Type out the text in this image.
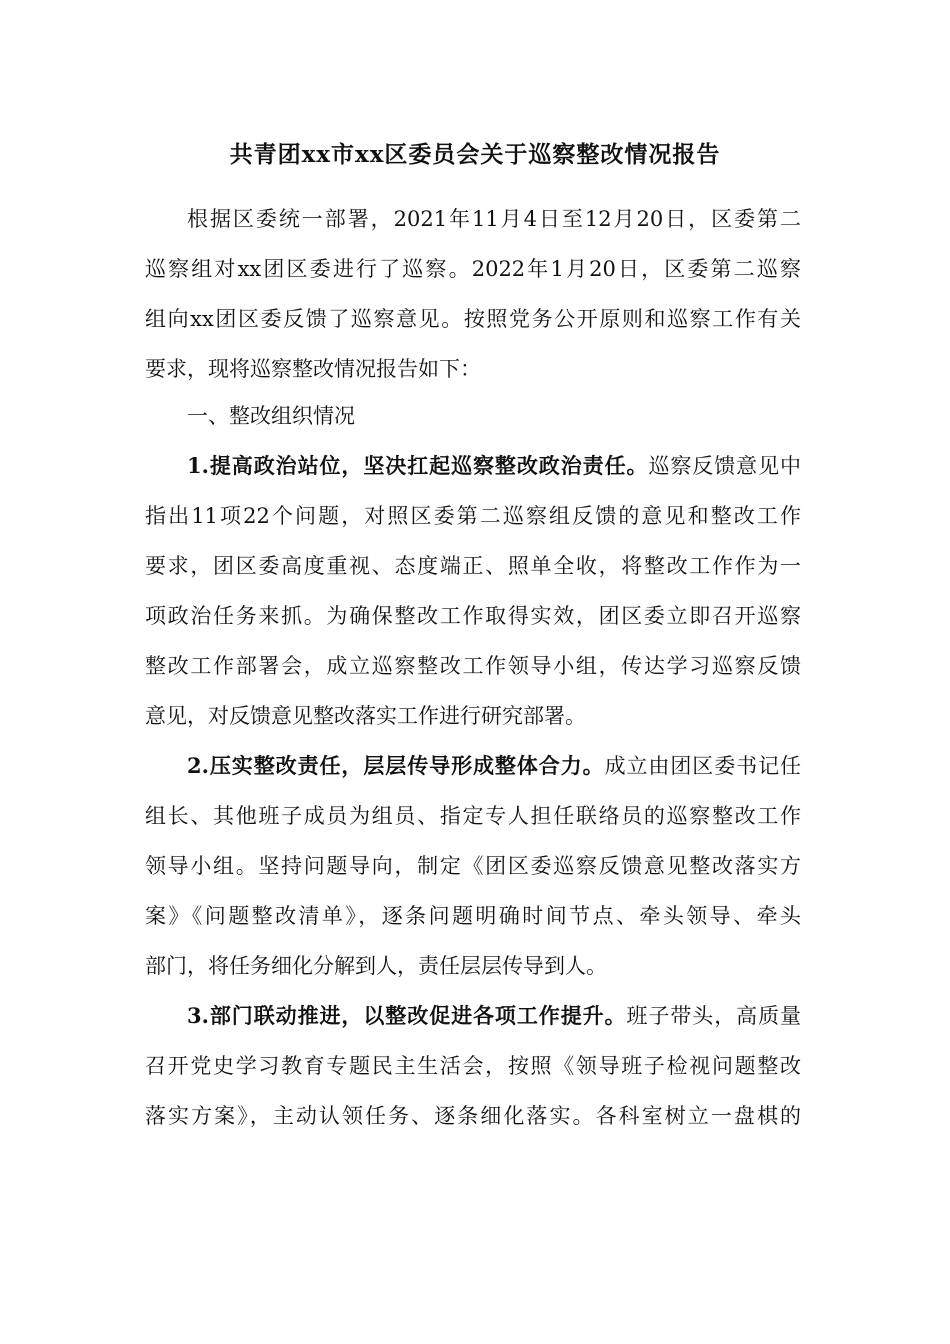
共青团xx市xx区委员会关于巡察整改情况报告
根据区委统一部署，2021年11月4日至12月20日，区委第二
巡察组对xx团区委进行了巡察。2022年1月20日，区委第二巡察
组向xx团区委反馈了巡察意见。按照党务公开原则和巡察工作有关
要求，现将巡察整改情况报告如下：
一、整改组织情况
1.提高政治站位，坚决扛起巡察整改政治责任。巡察反馈意见中
指出11项22个问题，对照区委第二巡察组反馈的意见和整改工作
要求，团区委高度重视、态度端正、照单全收，将整改工作作为一
项政治任务来抓。为确保整改工作取得实效，团区委立即召开巡察
整改工作部署会，成立巡察整改工作领导小组，传达学习巡察反馈
意见，对反馈意见整改落实工作进行研究部署。
2.压实整改责任，层层传导形成整体合力。成立由团区委书记任
组长、其他班子成员为组员、指定专人担任联络员的巡察整改工作
领导小组。坚持问题导向，制定《团区委巡察反馈意见整改落实方
案》《问题整改清单》，逐条问题明确时间节点、牵头领导、牵头
部门，将任务细化分解到人，责任层层传导到人。
3.部门联动推进，以整改促进各项工作提升。班子带头，高质量
召开党史学习教育专题民主生活会，按照《领导班子检视问题整改
落实方案》，主动认领任务、逐条细化落实。各科室树立一盘棋的
